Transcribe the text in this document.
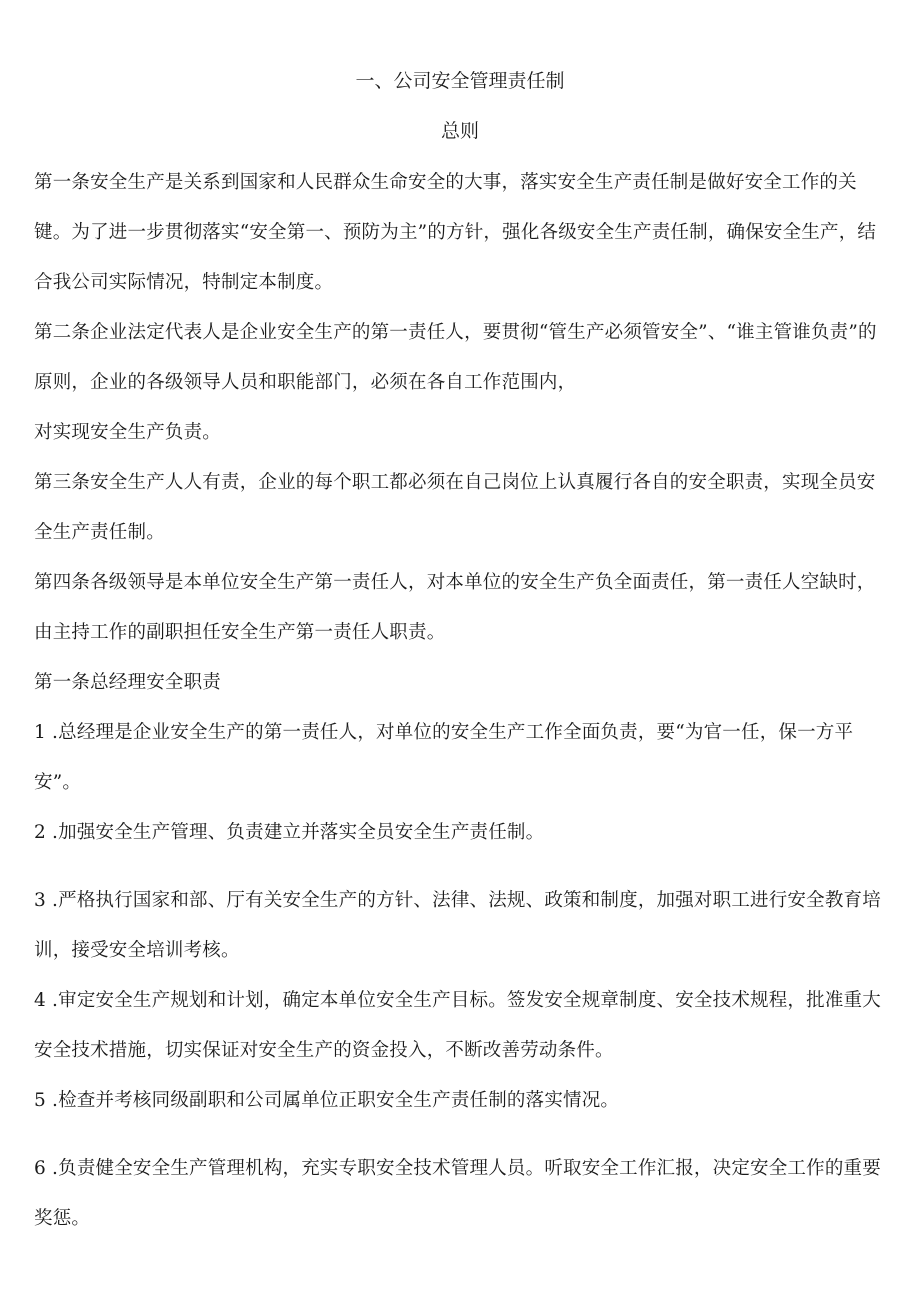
一、公司安全管理责任制
总则

第一条安全生产是关系到国家和人民群众生命安全的大事，落实安全生产责任制是做好安全工作的关键。为了进一步贯彻落实“安全第一、预防为主”的方针，强化各级安全生产责任制，确保安全生产，结合我公司实际情况，特制定本制度。

第二条企业法定代表人是企业安全生产的第一责任人，要贯彻“管生产必须管安全”、“谁主管谁负责”的原则，企业的各级领导人员和职能部门，必须在各自工作范围内，

对实现安全生产负责。

第三条安全生产人人有责，企业的每个职工都必须在自己岗位上认真履行各自的安全职责，实现全员安全生产责任制。

第四条各级领导是本单位安全生产第一责任人，对本单位的安全生产负全面责任，第一责任人空缺时，由主持工作的副职担任安全生产第一责任人职责。

第一条总经理安全职责

1 .总经理是企业安全生产的第一责任人，对单位的安全生产工作全面负责，要“为官一任，保一方平安”。

2 .加强安全生产管理、负责建立并落实全员安全生产责任制。

3 .严格执行国家和部、厅有关安全生产的方针、法律、法规、政策和制度，加强对职工进行安全教育培训，接受安全培训考核。

4 .审定安全生产规划和计划，确定本单位安全生产目标。签发安全规章制度、安全技术规程，批准重大安全技术措施，切实保证对安全生产的资金投入，不断改善劳动条件。

5 .检查并考核同级副职和公司属单位正职安全生产责任制的落实情况。

6 .负责健全安全生产管理机构，充实专职安全技术管理人员。听取安全工作汇报，决定安全工作的重要奖惩。
